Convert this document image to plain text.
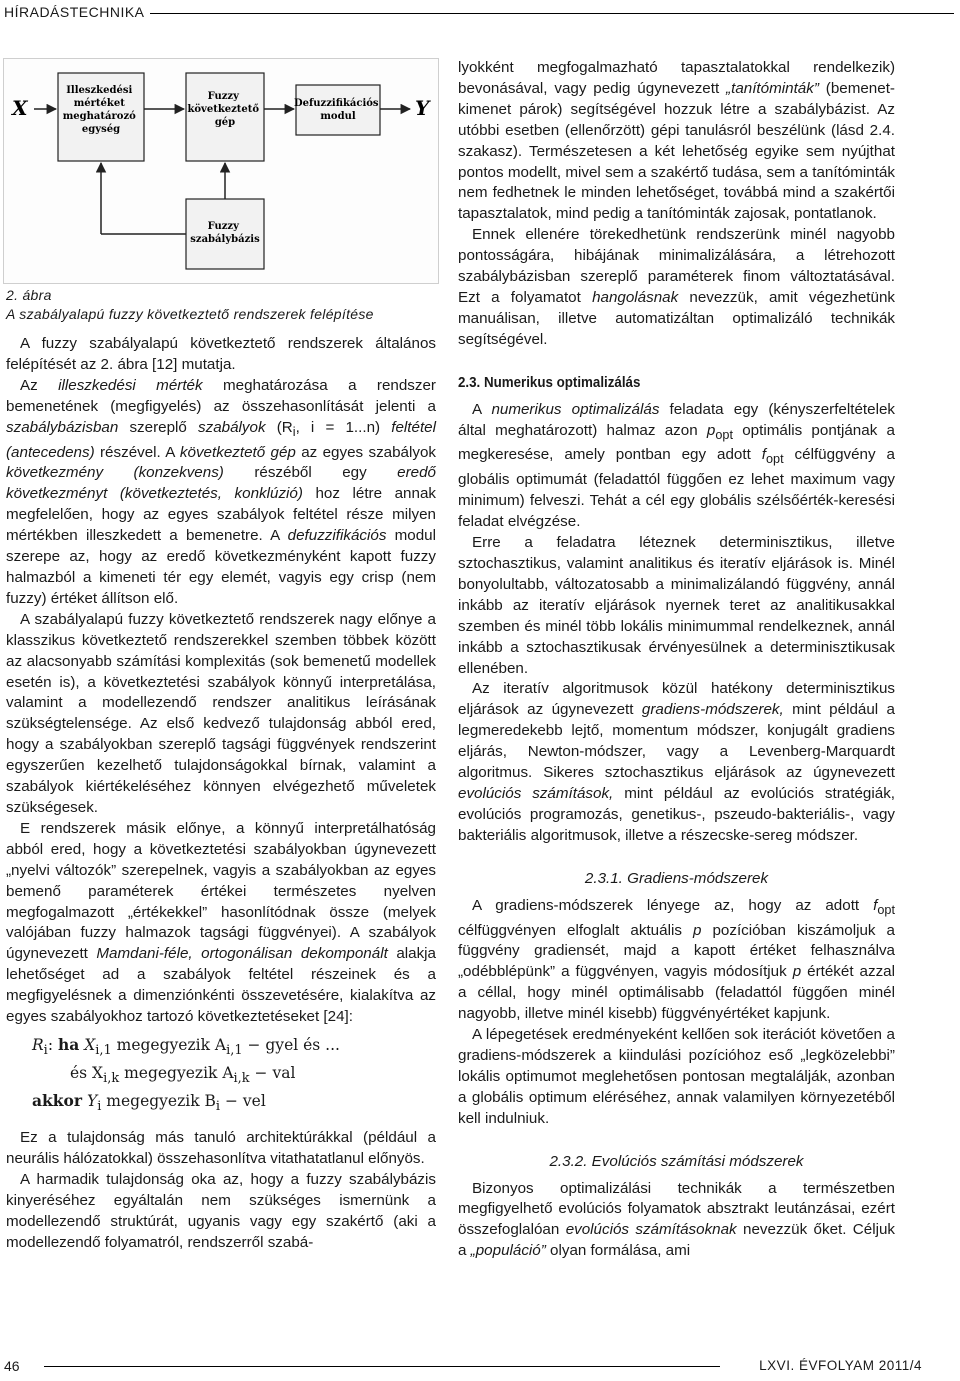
HÍRADÁSTECHNIKA
X
Illeszkedési mértéket meghatározó egység
Fuzzy következtető gép
Defuzzifikációs modul	Y
Fuzzy szabálybázis
2. ábra
A szabályalapú fuzzy következtető rendszerek felépítése

A fuzzy szabályalapú következtető rendszerek általános felépítését az 2. ábra [12] mutatja.

Az illeszkedési mérték meghatározása a rendszer bemenetének (megfigyelés) az összehasonlítását jelenti a szabálybázisban szereplő szabályok ($R_i$, i = 1...n) feltétel (antecedens) részével. A következtető gép az egyes szabályok következmény (konzekvens) részéből egy eredő következményt (következtetés, konklúzió) hoz létre annak megfelelően, hogy az egyes szabályok feltétel része milyen mértékben illeszkedett a bemenetre. A defuzzifikációs modul szerepe az, hogy az eredő következményként kapott fuzzy halmazból a kimeneti tér egy elemét, vagyis egy crisp (nem fuzzy) értéket állítson elő.

A szabályalapú fuzzy következtető rendszerek nagy előnye a klasszikus következtető rendszerekkel szemben többek között az alacsonyabb számítási komplexitás (sok bemenetű modellek esetén is), a következtetési szabályok könnyű interpretálása, valamint a modellezendő rendszer analitikus leírásának szükségtelensége. Az első kedvező tulajdonság abból ered, hogy a szabályokban szereplő tagsági függvények rendszerint egyszerűen kezelhető tulajdonságokkal bírnak, valamint a szabályok kiértékeléséhez könnyen elvégezhető műveletek szükségesek.

E rendszerek másik előnye, a könnyű interpretálhatóság abból ered, hogy a következtetési szabályokban úgynevezett „nyelvi változók” szerepelnek, vagyis a szabályokban az egyes bemenő paraméterek értékei természetes nyelven megfogalmazott „értékekkel” hasonlítódnak össze (melyek valójában fuzzy halmazok tagsági függvényei). A szabályok úgynevezett Mamdani-féle, ortogonálisan dekomponált alakja lehetőséget ad a szabályok feltétel részeinek és a megfigyelésnek a dimenziónkénti összevetésére, kialakítva az egyes szabályokhoz tartozó következtetéseket [24]:

$R_i$: ha $X_{i,1}$ megegyezik $A_{i,1}$ − gyel és ...
és $X_{i,k}$ megegyezik $A_{i,k}$ − val
akkor $Y_i$ megegyezik $B_i$ − vel

Ez a tulajdonság más tanuló architektúrákkal (például a neurális hálózatokkal) összehasonlítva vitathatatlanul előnyös.

A harmadik tulajdonság oka az, hogy a fuzzy szabálybázis kinyeréséhez egyáltalán nem szükséges ismernünk a modellezendő struktúrát, ugyanis vagy egy szakértő (aki a modellezendő folyamatról, rendszerről szabá-

lyokként megfogalmazható tapasztalatokkal rendelkezik) bevonásával, vagy pedig úgynevezett „tanítóminták” (bemenet-kimenet párok) segítségével hozzuk létre a szabálybázist. Az utóbbi esetben (ellenőrzött) gépi tanulásról beszélünk (lásd 2.4. szakasz). Természetesen a két lehetőség egyike sem nyújthat pontos modellt, mivel sem a szakértő tudása, sem a tanítóminták nem fedhetnek le minden lehetőséget, továbbá mind a szakértői tapasztalatok, mind pedig a tanítóminták zajosak, pontatlanok.

Ennek ellenére törekedhetünk rendszerünk minél nagyobb pontosságára, hibájának minimalizálására, a létrehozott szabálybázisban szereplő paraméterek finom változtatásával. Ezt a folyamatot hangolásnak nevezzük, amit végezhetünk manuálisan, illetve automatizáltan optimalizáló technikák segítségével.

2.3. Numerikus optimalizálás

A numerikus optimalizálás feladata egy (kényszerfeltételek által meghatározott) halmaz azon $p_{opt}$ optimális pontjának a megkeresése, amely pontban egy adott $f_{opt}$ célfüggvény a globális optimumát (feladattól függően ez lehet maximum vagy minimum) felveszi. Tehát a cél egy globális szélsőérték-keresési feladat elvégzése.

Erre a feladatra léteznek determinisztikus, illetve sztochasztikus, valamint analitikus és iteratív eljárások is. Minél bonyolultabb, változatosabb a minimalizálandó függvény, annál inkább az iteratív eljárások nyernek teret az analitikusakkal szemben és minél több lokális minimummal rendelkeznek, annál inkább a sztochasztikusak érvényesülnek a determinisztikusak ellenében.

Az iteratív algoritmusok közül hatékony determinisztikus eljárások az úgynevezett gradiens-módszerek, mint például a legmeredekebb lejtő, momentum módszer, konjugált gradiens eljárás, Newton-módszer, vagy a Levenberg-Marquardt algoritmus. Sikeres sztochasztikus eljárások az úgynevezett evolúciós számítások, mint például az evolúciós stratégiák, evolúciós programozás, genetikus-, pszeudo-bakteriális-, vagy bakteriális algoritmusok, illetve a részecske-sereg módszer.

2.3.1. Gradiens-módszerek

A gradiens-módszerek lényege az, hogy az adott $f_{opt}$ célfüggvényen elfoglalt aktuális p pozícióban kiszámoljuk a függvény gradiensét, majd a kapott értéket felhasználva „odébblépünk” a függvényen, vagyis módosítjuk p értékét azzal a céllal, hogy minél optimálisabb (feladattól függően minél nagyobb, illetve minél kisebb) függvényértéket kapjunk.

A lépegetések eredményeként kellően sok iterációt követően a gradiens-módszerek a kiindulási pozícióhoz eső „legközelebbi” lokális optimumot meglehetősen pontosan megtalálják, azonban a globális optimum eléréséhez, annak valamilyen környezetéből kell indulniuk.

2.3.2. Evolúciós számítási módszerek

Bizonyos optimalizálási technikák a természetben megfigyelhető evolúciós folyamatok absztrakt leutánzásai, ezért összefoglalóan evolúciós számításoknak nevezzük őket. Céljuk a „populáció” olyan formálása, ami

46	LXVI. ÉVFOLYAM 2011/4
